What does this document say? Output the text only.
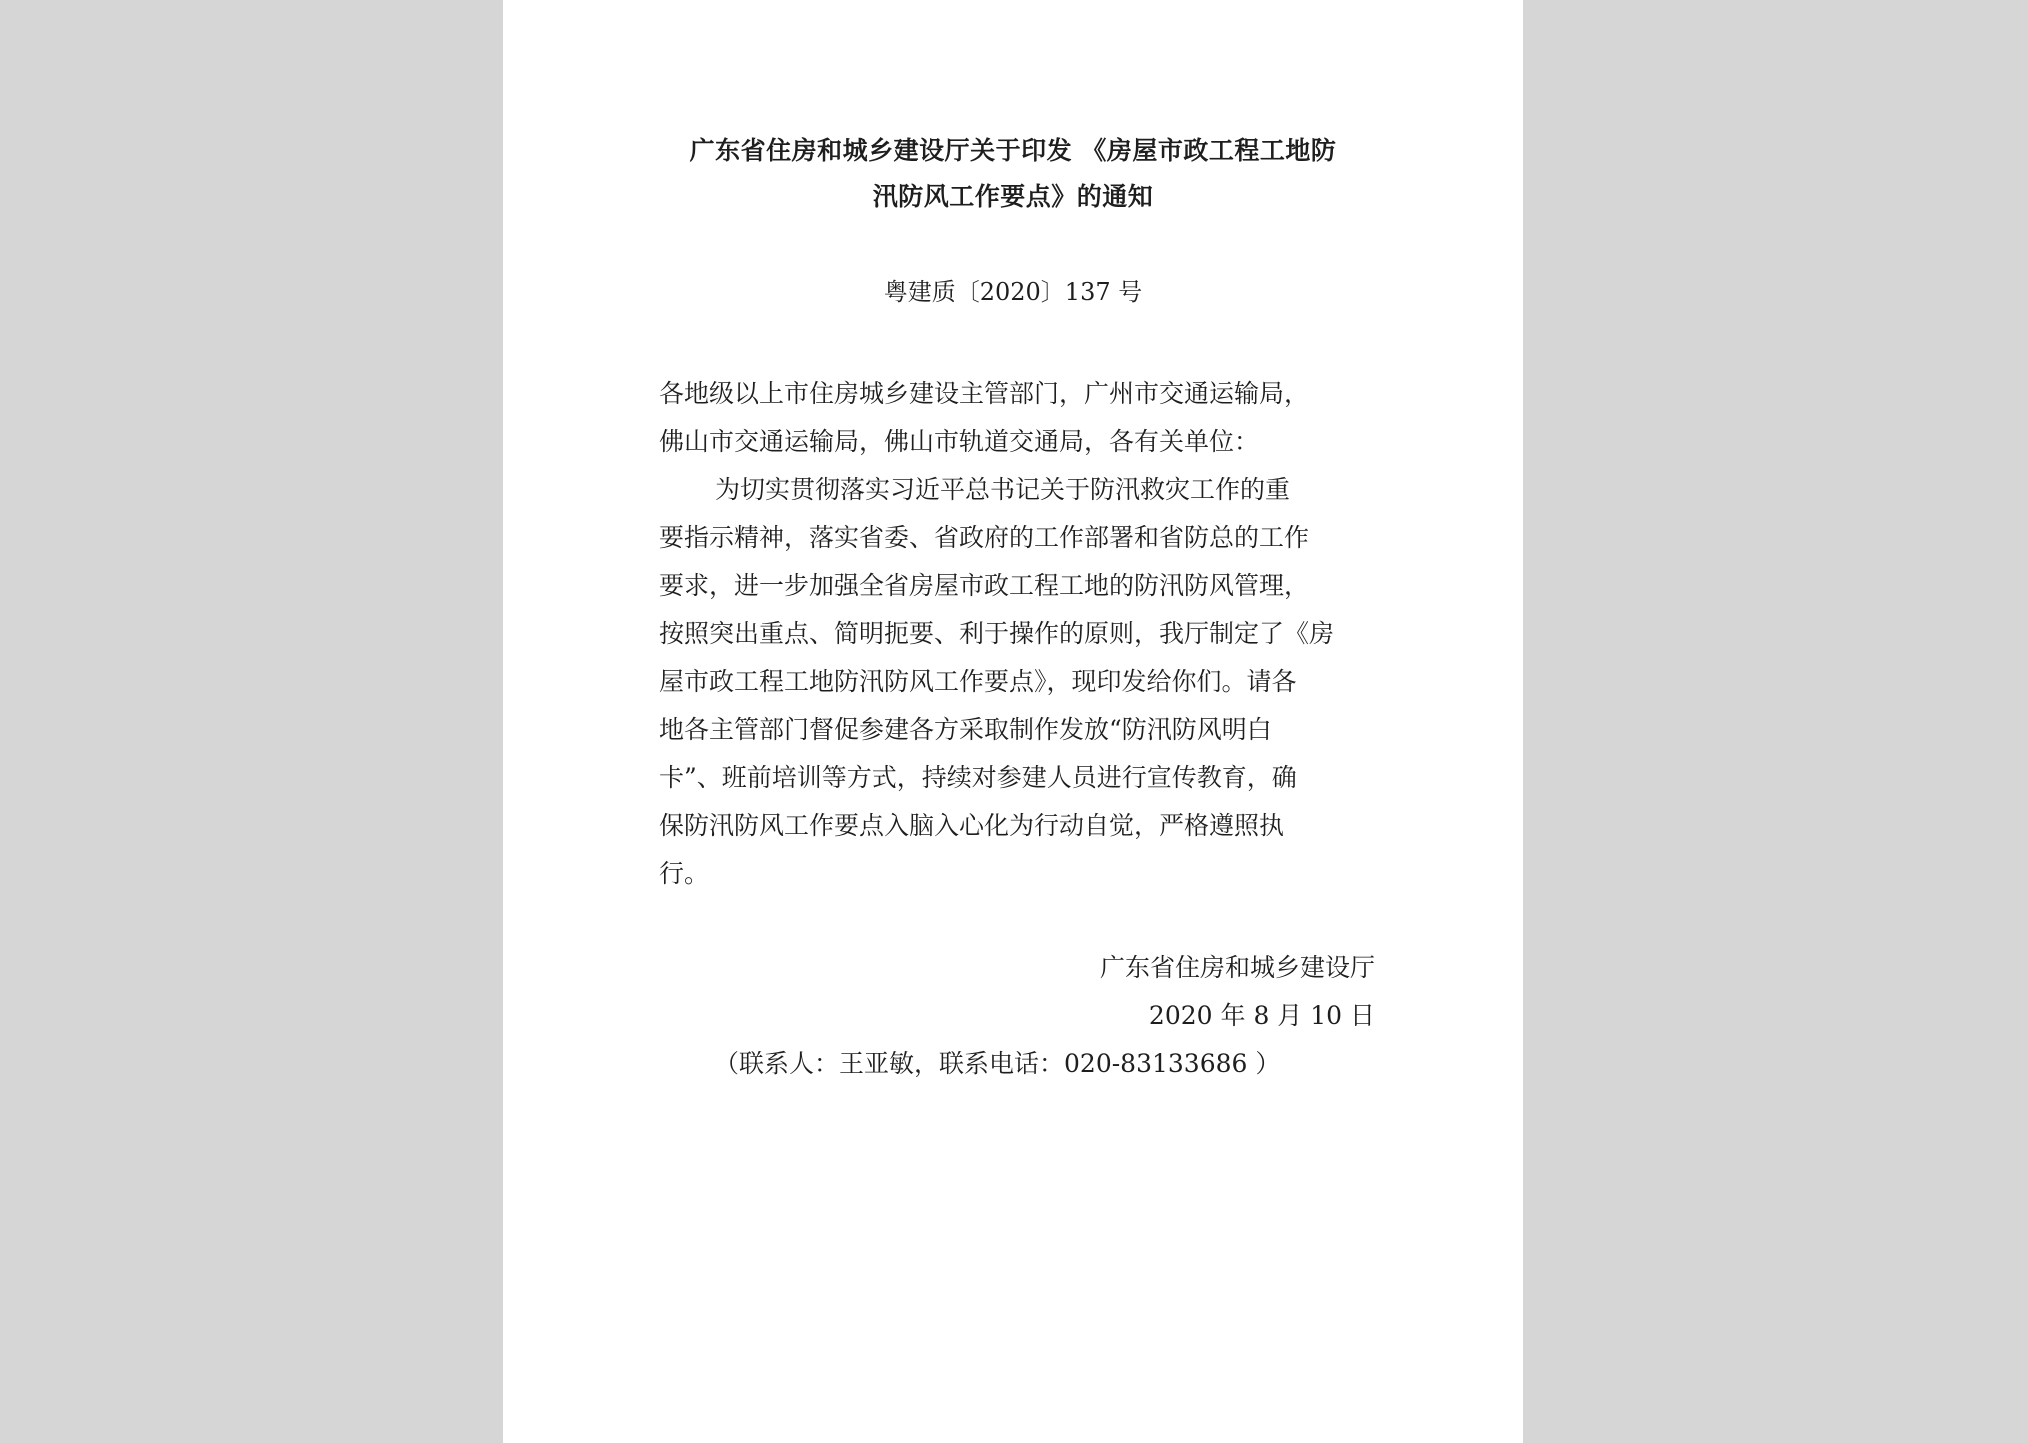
广东省住房和城乡建设厅关于印发 《房屋市政工程工地防
汛防风工作要点》的通知
粤建质〔2020〕137 号
各地级以上市住房城乡建设主管部门，广州市交通运输局，
佛山市交通运输局，佛山市轨道交通局，各有关单位：
为切实贯彻落实习近平总书记关于防汛救灾工作的重
要指示精神，落实省委、省政府的工作部署和省防总的工作
要求，进一步加强全省房屋市政工程工地的防汛防风管理，
按照突出重点、简明扼要、利于操作的原则，我厅制定了《房
屋市政工程工地防汛防风工作要点》，现印发给你们。请各
地各主管部门督促参建各方采取制作发放“防汛防风明白
卡”、班前培训等方式，持续对参建人员进行宣传教育，确
保防汛防风工作要点入脑入心化为行动自觉，严格遵照执
行。
广东省住房和城乡建设厅
2020 年 8 月 10 日
（联系人：王亚敏，联系电话：020-83133686 ）
